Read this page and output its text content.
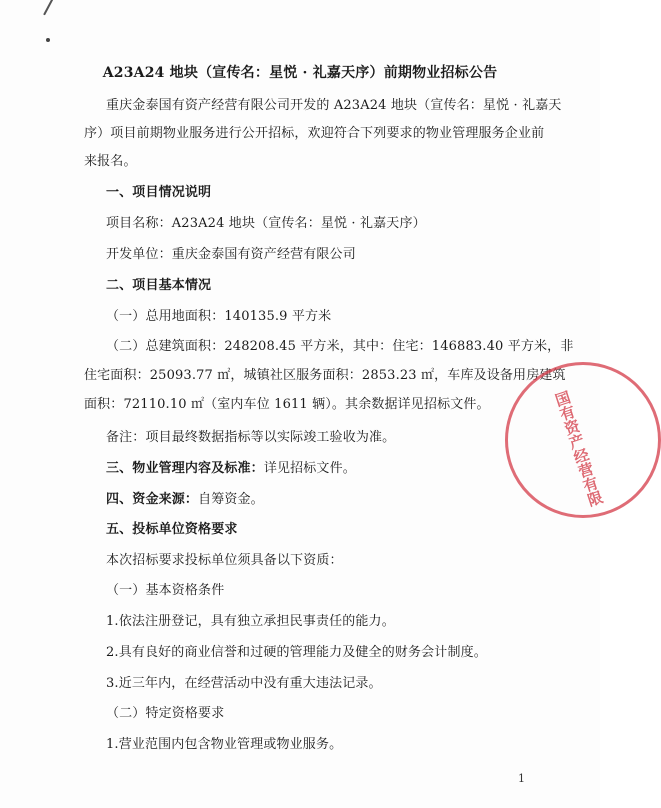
A23A24 地块（宣传名：星悦 · 礼嘉天序）前期物业招标公告
重庆金泰国有资产经营有限公司开发的 A23A24 地块（宣传名：星悦 · 礼嘉天
序）项目前期物业服务进行公开招标，欢迎符合下列要求的物业管理服务企业前
来报名。
一、项目情况说明
项目名称：A23A24 地块（宣传名：星悦 · 礼嘉天序）
开发单位：重庆金泰国有资产经营有限公司
二、项目基本情况
（一）总用地面积：140135.9 平方米
（二）总建筑面积：248208.45 平方米，其中：住宅：146883.40 平方米，非
住宅面积：25093.77 ㎡，城镇社区服务面积：2853.23 ㎡，车库及设备用房建筑
面积：72110.10 ㎡（室内车位 1611 辆）。其余数据详见招标文件。
备注：项目最终数据指标等以实际竣工验收为准。
三、物业管理内容及标准：详见招标文件。
四、资金来源：自筹资金。
五、投标单位资格要求
本次招标要求投标单位须具备以下资质：
（一）基本资格条件
1.依法注册登记，具有独立承担民事责任的能力。
2.具有良好的商业信誉和过硬的管理能力及健全的财务会计制度。
3.近三年内，在经营活动中没有重大违法记录。
（二）特定资格要求
1.营业范围内包含物业管理或物业服务。
国有资产经营有限
1
